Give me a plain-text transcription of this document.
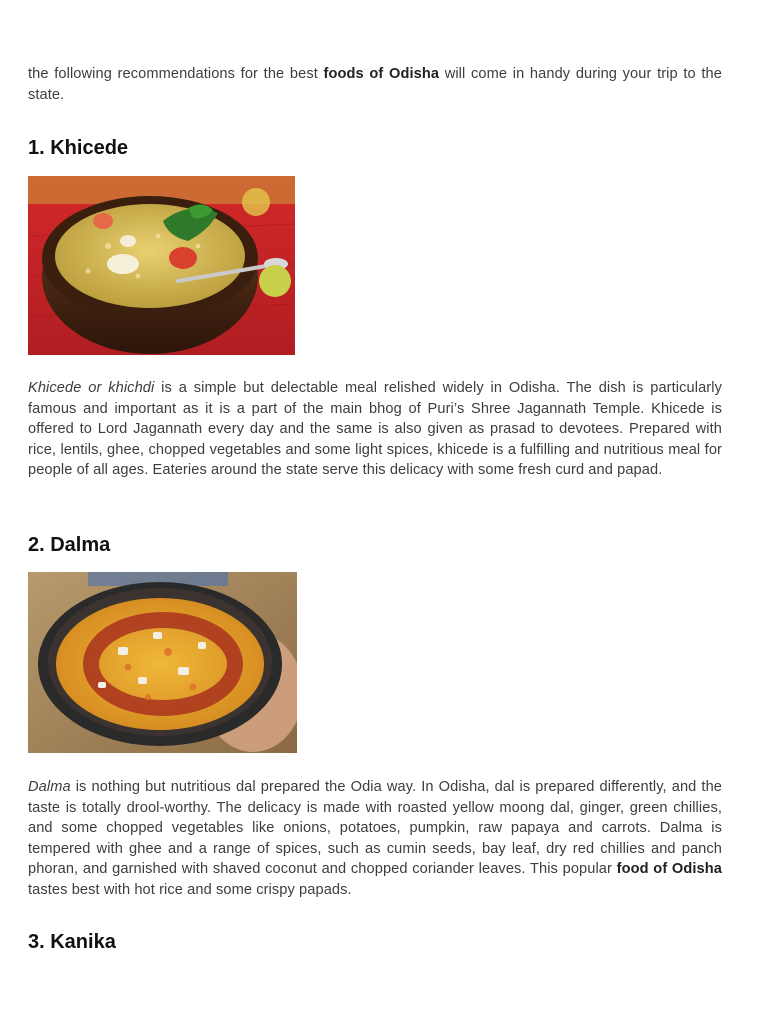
the following recommendations for the best foods of Odisha will come in handy during your trip to the state.

1. Khicede

Khicede or khichdi is a simple but delectable meal relished widely in Odisha. The dish is particularly famous and important as it is a part of the main bhog of Puri’s Shree Jagannath Temple. Khicede is offered to Lord Jagannath every day and the same is also given as prasad to devotees. Prepared with rice, lentils, ghee, chopped vegetables and some light spices, khicede is a fulfilling and nutritious meal for people of all ages. Eateries around the state serve this delicacy with some fresh curd and papad.

2. Dalma

Dalma is nothing but nutritious dal prepared the Odia way. In Odisha, dal is prepared differently, and the taste is totally drool-worthy. The delicacy is made with roasted yellow moong dal, ginger, green chillies, and some chopped vegetables like onions, potatoes, pumpkin, raw papaya and carrots. Dalma is tempered with ghee and a range of spices, such as cumin seeds, bay leaf, dry red chillies and panch phoran, and garnished with shaved coconut and chopped coriander leaves. This popular food of Odisha tastes best with hot rice and some crispy papads.

3. Kanika
